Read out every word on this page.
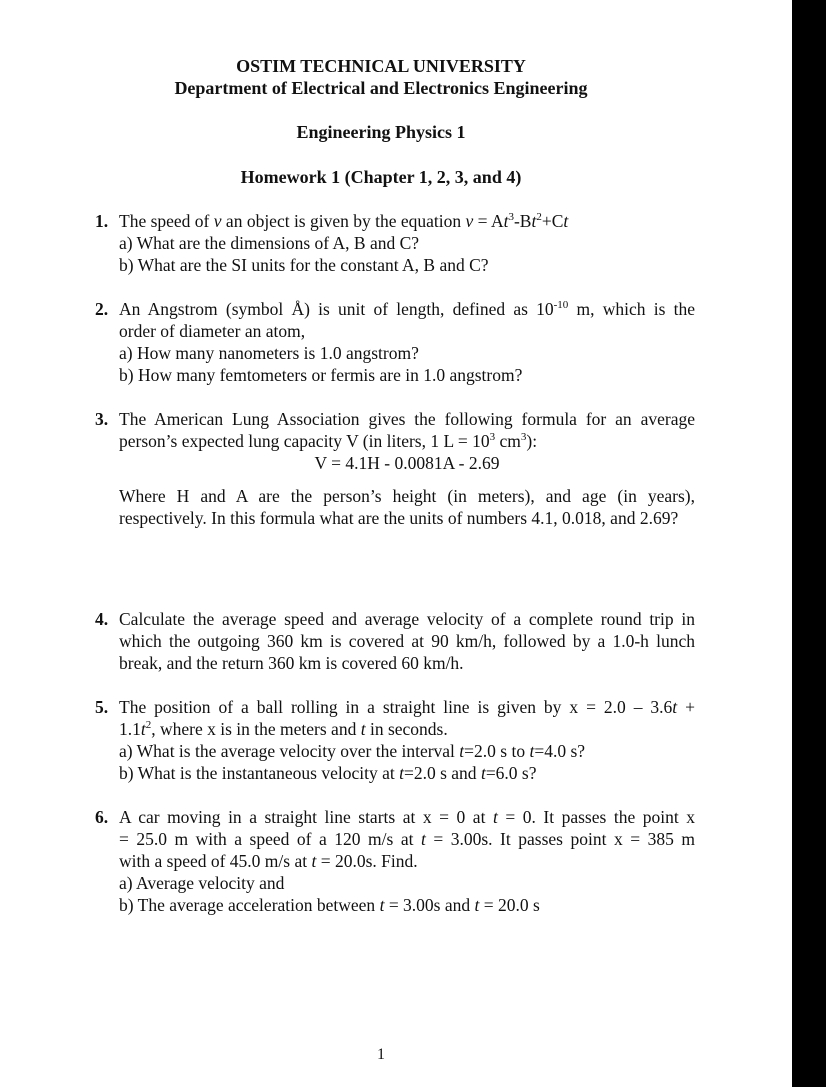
OSTIM TECHNICAL UNIVERSITY
Department of Electrical and Electronics Engineering
Engineering Physics 1
Homework 1 (Chapter 1, 2, 3, and 4)
1. The speed of v an object is given by the equation $v = At^3-Bt^2+Ct$

a) What are the dimensions of A, B and C?

b) What are the SI units for the constant A, B and C?

2. An Angstrom (symbol Å) is unit of length, defined as $10^{-10}$ m, which is the

order of diameter an atom,

a) How many nanometers is 1.0 angstrom?

b) How many femtometers or fermis are in 1.0 angstrom?

3. The American Lung Association gives the following formula for an average

person’s expected lung capacity V (in liters, 1 $L = 10^3$ $cm^3$):

V = 4.1H - 0.0081A - 2.69

Where H and A are the person’s height (in meters), and age (in years), respectively. In this formula what are the units of numbers 4.1, 0.018, and 2.69?

4. Calculate the average speed and average velocity of a complete round trip in which the outgoing 360 km is covered at 90 km/h, followed by a 1.0-h lunch break, and the return 360 km is covered 60 km/h.

5. The position of a ball rolling in a straight line is given by x = 2.0 – 3.6t +

$1.1t^2$, where x is in the meters and t in seconds.

a) What is the average velocity over the interval t=2.0 s to t=4.0 s?

b) What is the instantaneous velocity at t=2.0 s and t=6.0 s?

6. A car moving in a straight line starts at x = 0 at t = 0. It passes the point x

= 25.0 m with a speed of a 120 m/s at t = 3.00s. It passes point x = 385 m

with a speed of 45.0 m/s at t = 20.0s. Find.

a) Average velocity and

b) The average acceleration between t = 3.00s and t = 20.0 s

1
